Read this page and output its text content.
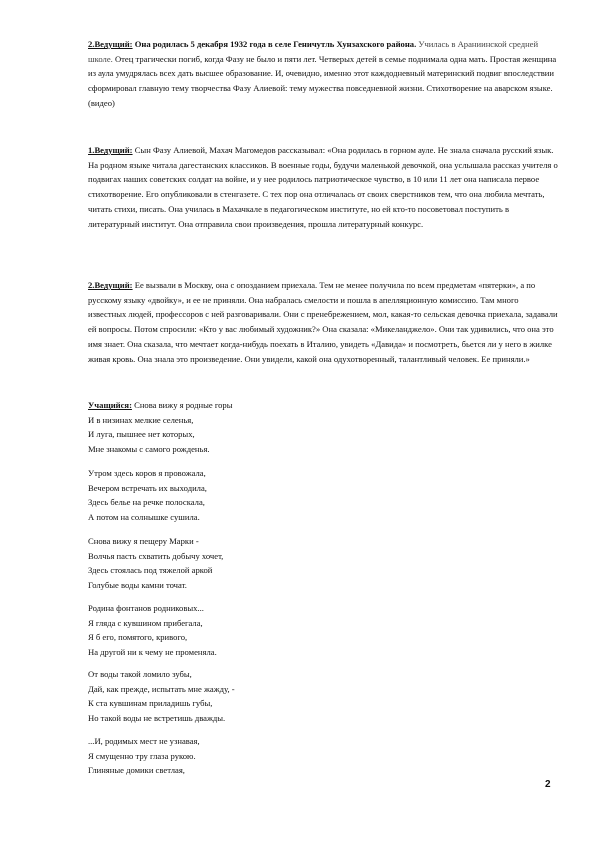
2.Ведущий: Она родилась 5 декабря 1932 года в селе Геничутль Хунзахского района. Училась в Араниинской средней школе. Отец трагически погиб, когда Фазу не было и пяти лет. Четверых детей в семье поднимала одна мать. Простая женщина из аула умудрялась всех дать высшее образование. И, очевидно, именно этот каждодневный материнский подвиг впоследствии сформировал главную тему творчества Фазу Алиевой: тему мужества повседневной жизни. Стихотворение на аварском языке.(видео)

1.Ведущий: Сын Фазу Алиевой, Махач Магомедов рассказывал: «Она родилась в горном ауле. Не знала сначала русский язык. На родном языке читала дагестанских классиков. В военные годы, будучи маленькой девочкой, она услышала рассказ учителя о подвигах наших советских солдат на войне, и у нее родилось патриотическое чувство, в 10 или 11 лет она написала первое стихотворение. Его опубликовали в стенгазете. С тех пор она отличалась от своих сверстников тем, что она любила мечтать, читать стихи, писать. Она училась в Махачкале в педагогическом институте, но ей кто-то посоветовал поступить в литературный институт. Она отправила свои произведения, прошла литературный конкурс.

2.Ведущий: Ее вызвали в Москву, она с опозданием приехала. Тем не менее получила по всем предметам «пятерки», а по русскому языку «двойку», и ее не приняли. Она набралась смелости и пошла в апелляционную комиссию. Там много известных людей, профессоров с ней разговаривали. Они с пренебрежением, мол, какая-то сельская девочка приехала, задавали ей вопросы. Потом спросили: «Кто у вас любимый художник?» Она сказала: «Микеланджело». Они так удивились, что она это имя знает. Она сказала, что мечтает когда-нибудь поехать в Италию, увидеть «Давида» и посмотреть, бьется ли у него в жилке живая кровь. Она знала это произведение. Они увидели, какой она одухотворенный, талантливый человек. Ее приняли.»

Учащийся: Снова вижу я родные горы
И в низинах мелкие селенья,
И луга, пышнее нет которых,
Мне знакомы с самого рожденья.
Утром здесь коров я провожала,
Вечером встречать их выходила,
Здесь белье на речке полоскала,
А потом на солнышке сушила.
Снова вижу я пещеру Марки -
Волчья пасть схватить добычу хочет,
Здесь стоялась под тяжелой аркой
Голубые воды камни точат.
Родина фонтанов родниковых...
Я гляда с кувшином прибегала,
Я б его, помятого, кривого,
На другой ни к чему не променяла.
От воды такой ломило зубы,
Дай, как прежде, испытать мне жажду, -
К ста кувшинам приладишь губы,
Но такой воды не встретишь дважды.
...И, родимых мест не узнавая,
Я смущенно тру глаза рукою.
Глиняные домики светлая,
2
